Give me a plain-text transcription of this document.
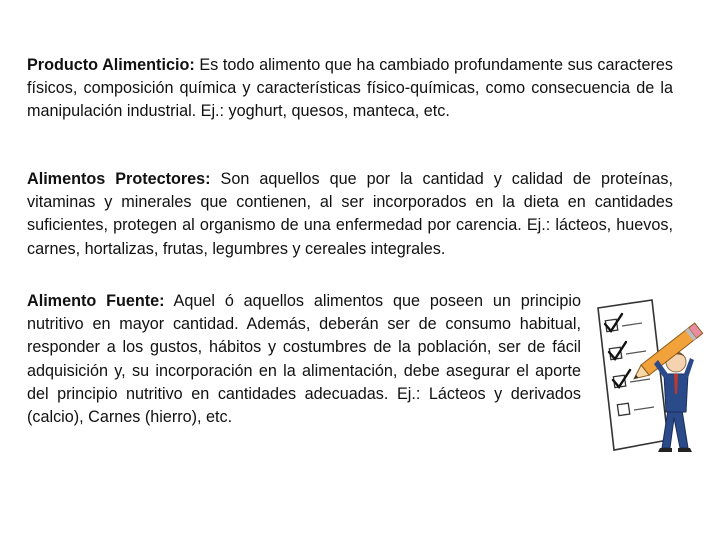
Producto Alimenticio: Es todo alimento que ha cambiado profundamente sus caracteres físicos, composición química y características físico-químicas, como consecuencia de la manipulación industrial. Ej.: yoghurt, quesos, manteca, etc.

Alimentos Protectores: Son aquellos que por la cantidad y calidad de proteínas, vitaminas y minerales que contienen, al ser incorporados en la dieta en cantidades suficientes, protegen al organismo de una enfermedad por carencia. Ej.: lácteos, huevos, carnes, hortalizas, frutas, legumbres y cereales integrales.

Alimento Fuente: Aquel ó aquellos alimentos que poseen un principio nutritivo en mayor cantidad. Además, deberán ser de consumo habitual, responder a los gustos, hábitos y costumbres de la población, ser de fácil adquisición y, su incorporación en la alimentación, debe asegurar el aporte del principio nutritivo en cantidades adecuadas. Ej.: Lácteos y derivados (calcio), Carnes (hierro), etc.
